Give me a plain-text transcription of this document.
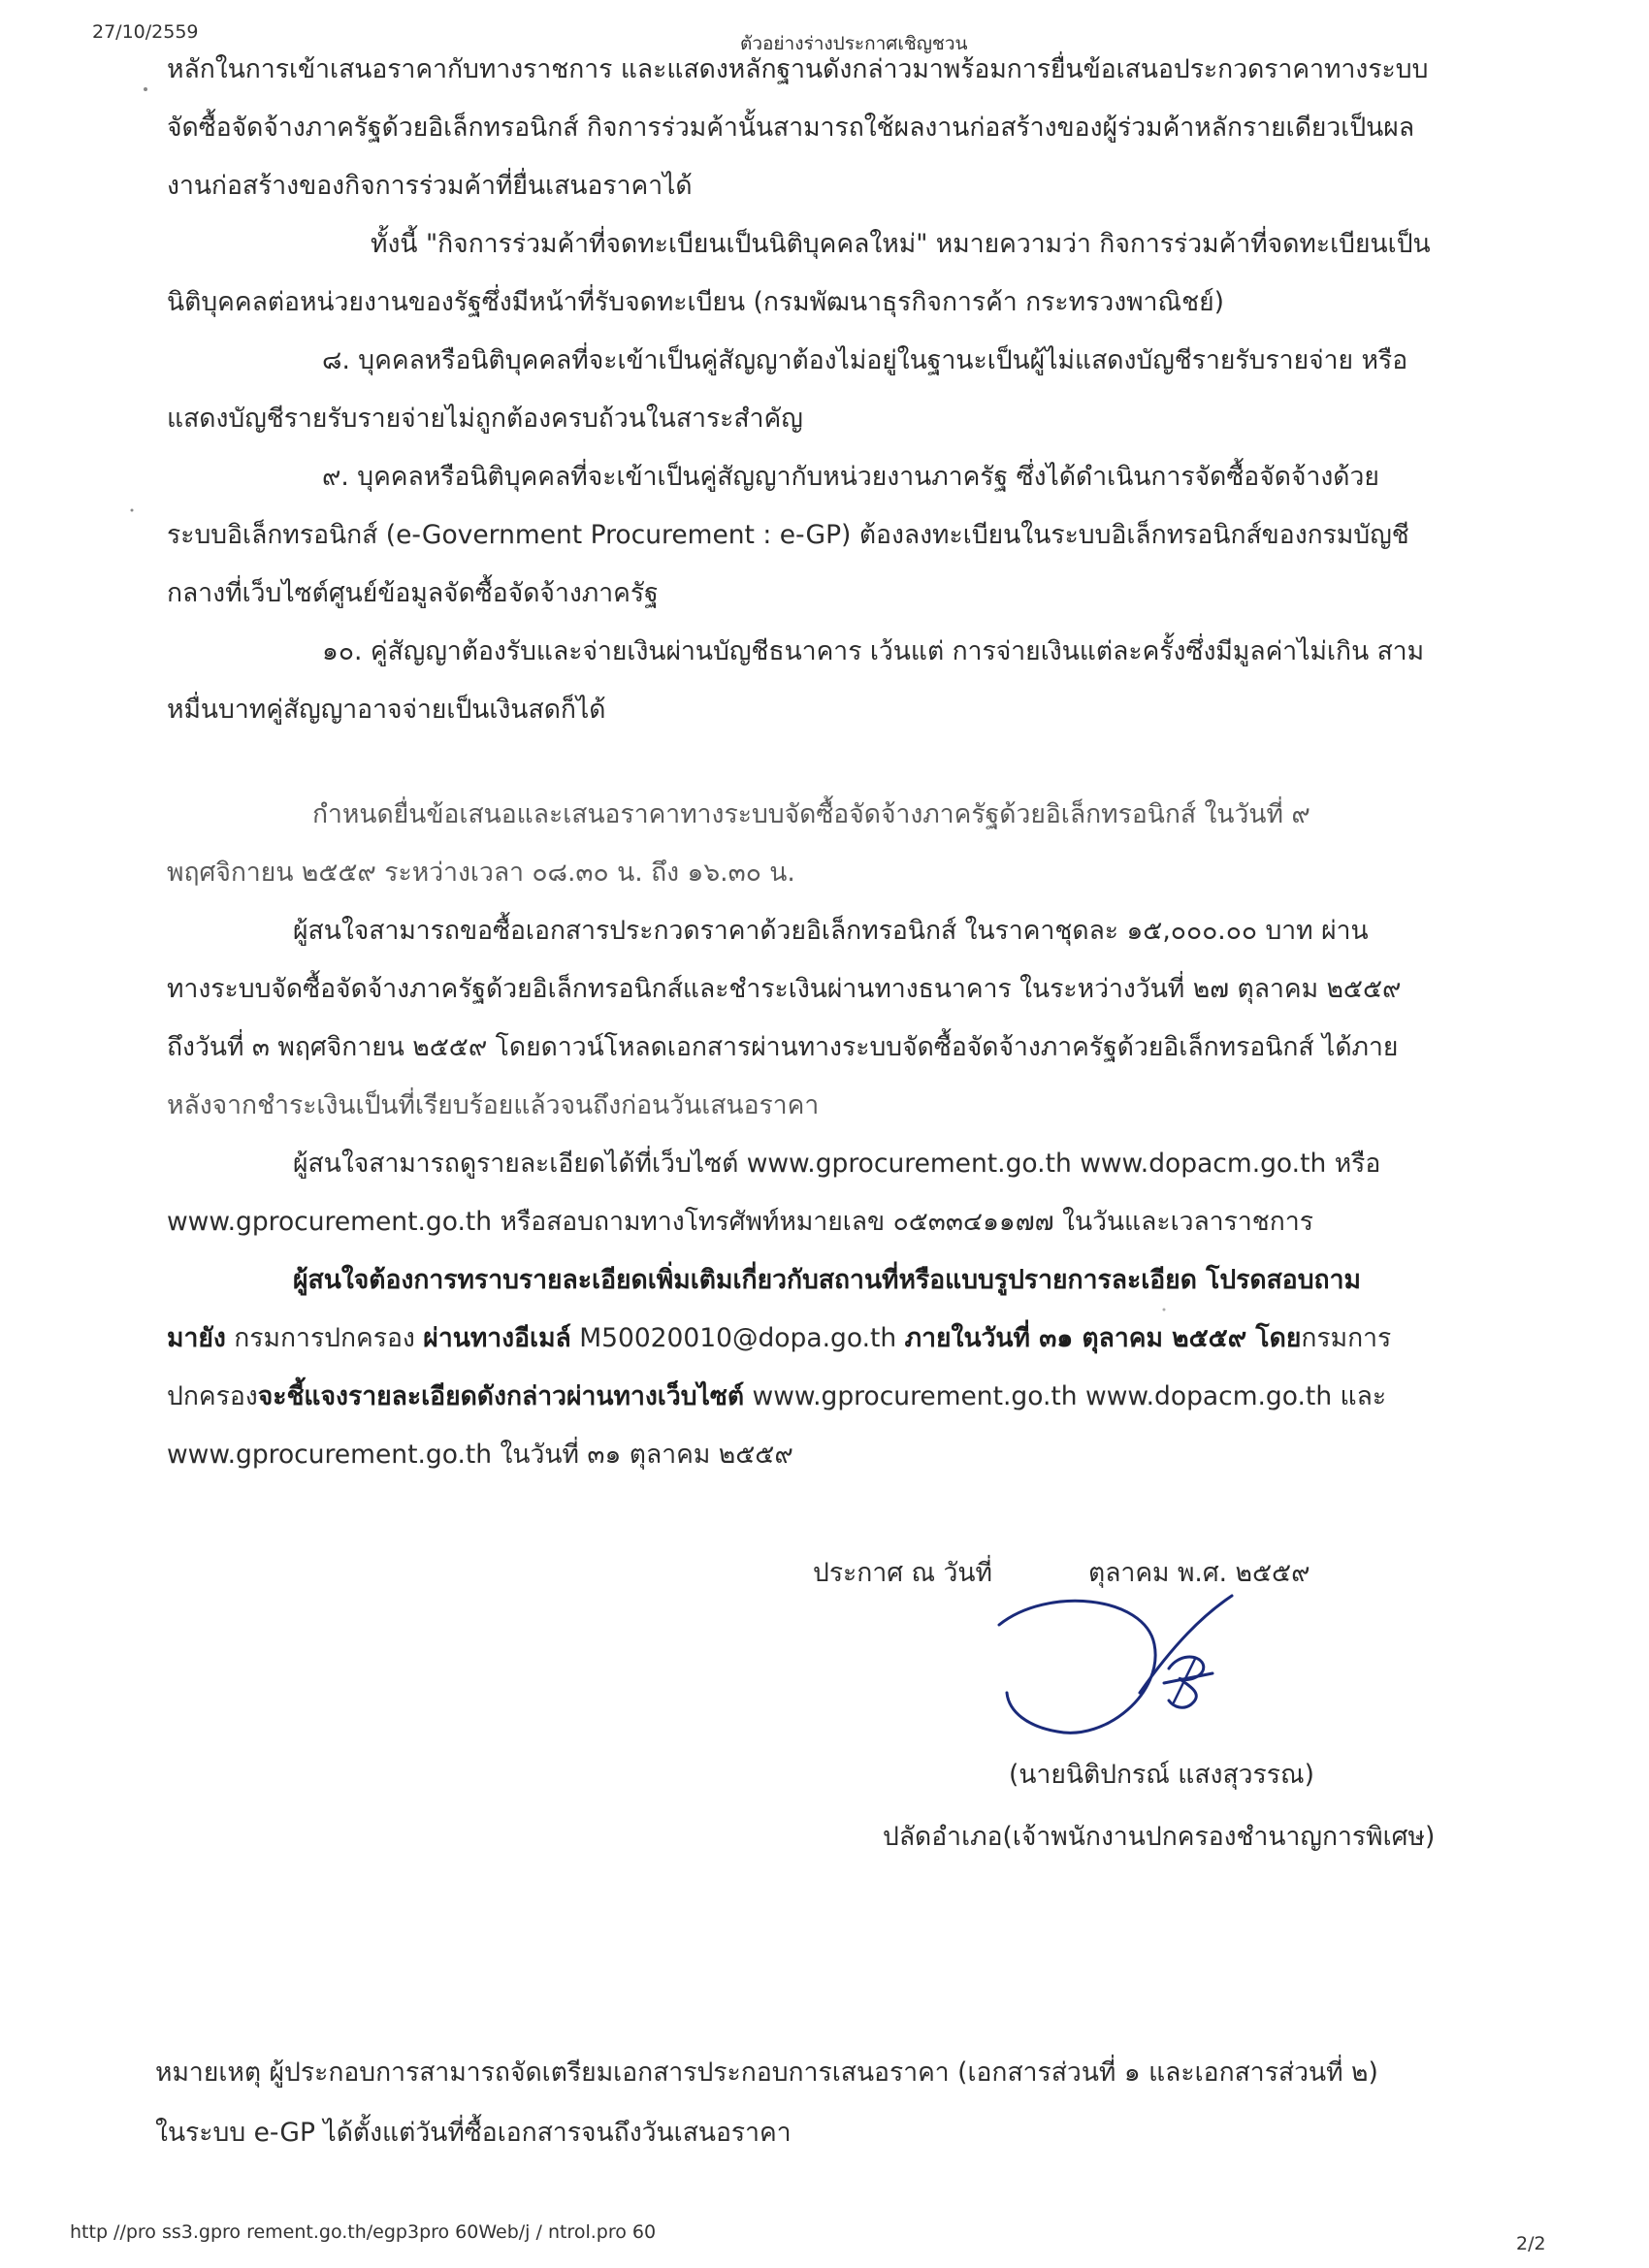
27/10/2559
ตัวอย่างร่างประกาศเชิญชวน
หลักในการเข้าเสนอราคากับทางราชการ และแสดงหลักฐานดังกล่าวมาพร้อมการยื่นข้อเสนอประกวดราคาทางระบบ
จัดซื้อจัดจ้างภาครัฐด้วยอิเล็กทรอนิกส์ กิจการร่วมค้านั้นสามารถใช้ผลงานก่อสร้างของผู้ร่วมค้าหลักรายเดียวเป็นผล
งานก่อสร้างของกิจการร่วมค้าที่ยื่นเสนอราคาได้
ทั้งนี้ "กิจการร่วมค้าที่จดทะเบียนเป็นนิติบุคคลใหม่" หมายความว่า กิจการร่วมค้าที่จดทะเบียนเป็น
นิติบุคคลต่อหน่วยงานของรัฐซึ่งมีหน้าที่รับจดทะเบียน (กรมพัฒนาธุรกิจการค้า กระทรวงพาณิชย์)
๘. บุคคลหรือนิติบุคคลที่จะเข้าเป็นคู่สัญญาต้องไม่อยู่ในฐานะเป็นผู้ไม่แสดงบัญชีรายรับรายจ่าย หรือ
แสดงบัญชีรายรับรายจ่ายไม่ถูกต้องครบถ้วนในสาระสำคัญ
๙. บุคคลหรือนิติบุคคลที่จะเข้าเป็นคู่สัญญากับหน่วยงานภาครัฐ ซึ่งได้ดำเนินการจัดซื้อจัดจ้างด้วย
ระบบอิเล็กทรอนิกส์ (e-Government Procurement : e-GP) ต้องลงทะเบียนในระบบอิเล็กทรอนิกส์ของกรมบัญชี
กลางที่เว็บไซต์ศูนย์ข้อมูลจัดซื้อจัดจ้างภาครัฐ
๑๐. คู่สัญญาต้องรับและจ่ายเงินผ่านบัญชีธนาคาร เว้นแต่ การจ่ายเงินแต่ละครั้งซึ่งมีมูลค่าไม่เกิน สาม
หมื่นบาทคู่สัญญาอาจจ่ายเป็นเงินสดก็ได้
กำหนดยื่นข้อเสนอและเสนอราคาทางระบบจัดซื้อจัดจ้างภาครัฐด้วยอิเล็กทรอนิกส์ ในวันที่ ๙
พฤศจิกายน ๒๕๕๙ ระหว่างเวลา ๐๘.๓๐ น. ถึง ๑๖.๓๐ น.
ผู้สนใจสามารถขอซื้อเอกสารประกวดราคาด้วยอิเล็กทรอนิกส์ ในราคาชุดละ ๑๕,๐๐๐.๐๐ บาท ผ่าน
ทางระบบจัดซื้อจัดจ้างภาครัฐด้วยอิเล็กทรอนิกส์และชำระเงินผ่านทางธนาคาร ในระหว่างวันที่ ๒๗ ตุลาคม ๒๕๕๙
ถึงวันที่ ๓ พฤศจิกายน ๒๕๕๙ โดยดาวน์โหลดเอกสารผ่านทางระบบจัดซื้อจัดจ้างภาครัฐด้วยอิเล็กทรอนิกส์ ได้ภาย
หลังจากชำระเงินเป็นที่เรียบร้อยแล้วจนถึงก่อนวันเสนอราคา
ผู้สนใจสามารถดูรายละเอียดได้ที่เว็บไซต์ www.gprocurement.go.th www.dopacm.go.th หรือ
www.gprocurement.go.th หรือสอบถามทางโทรศัพท์หมายเลข ๐๕๓๓๔๑๑๗๗ ในวันและเวลาราชการ
ผู้สนใจต้องการทราบรายละเอียดเพิ่มเติมเกี่ยวกับสถานที่หรือแบบรูปรายการละเอียด โปรดสอบถาม
มายัง กรมการปกครอง ผ่านทางอีเมล์ M50020010@dopa.go.th ภายในวันที่ ๓๑ ตุลาคม ๒๕๕๙ โดยกรมการ
ปกครองจะชี้แจงรายละเอียดดังกล่าวผ่านทางเว็บไซต์ www.gprocurement.go.th www.dopacm.go.th และ
www.gprocurement.go.th ในวันที่ ๓๑ ตุลาคม ๒๕๕๙
ประกาศ ณ วันที่	ตุลาคม พ.ศ. ๒๕๕๙
(นายนิติปกรณ์ แสงสุวรรณ)
ปลัดอำเภอ(เจ้าพนักงานปกครองชำนาญการพิเศษ)
หมายเหตุ ผู้ประกอบการสามารถจัดเตรียมเอกสารประกอบการเสนอราคา (เอกสารส่วนที่ ๑ และเอกสารส่วนที่ ๒)
ในระบบ e-GP ได้ตั้งแต่วันที่ซื้อเอกสารจนถึงวันเสนอราคา
http //pro ss3.gpro rement.go.th/egp3pro 60Web/j / ntrol.pro 60
2/2
